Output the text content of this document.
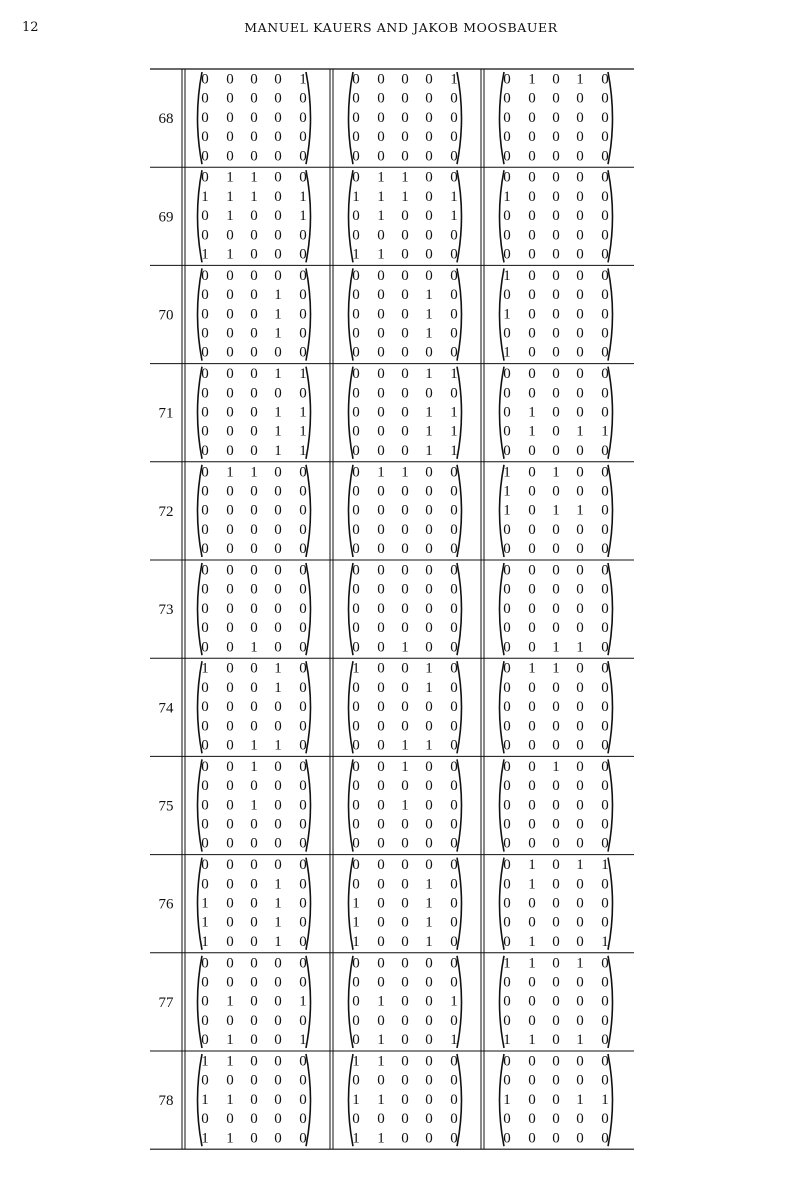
12	MANUEL KAUERS AND JAKOB MOOSBAUER
68
0 0 0 0 1
0 0 0 0 0
0 0 0 0 0
0 0 0 0 0
0 0 0 0 0
0 0 0 0 1
0 0 0 0 0
0 0 0 0 0
0 0 0 0 0
0 0 0 0 0
0 1 0 1 0
0 0 0 0 0
0 0 0 0 0
0 0 0 0 0
0 0 0 0 0
69
0 1 1 0 0
1 1 1 0 1
0 1 0 0 1
0 0 0 0 0
1 1 0 0 0
0 1 1 0 0
1 1 1 0 1
0 1 0 0 1
0 0 0 0 0
1 1 0 0 0
0 0 0 0 0
1 0 0 0 0
0 0 0 0 0
0 0 0 0 0
0 0 0 0 0
70
0 0 0 0 0
0 0 0 1 0
0 0 0 1 0
0 0 0 1 0
0 0 0 0 0
0 0 0 0 0
0 0 0 1 0
0 0 0 1 0
0 0 0 1 0
0 0 0 0 0
1 0 0 0 0
0 0 0 0 0
1 0 0 0 0
0 0 0 0 0
1 0 0 0 0
71
0 0 0 1 1
0 0 0 0 0
0 0 0 1 1
0 0 0 1 1
0 0 0 1 1
0 0 0 1 1
0 0 0 0 0
0 0 0 1 1
0 0 0 1 1
0 0 0 1 1
0 0 0 0 0
0 0 0 0 0
0 1 0 0 0
0 1 0 1 1
0 0 0 0 0
72
0 1 1 0 0
0 0 0 0 0
0 0 0 0 0
0 0 0 0 0
0 0 0 0 0
0 1 1 0 0
0 0 0 0 0
0 0 0 0 0
0 0 0 0 0
0 0 0 0 0
1 0 1 0 0
1 0 0 0 0
1 0 1 1 0
0 0 0 0 0
0 0 0 0 0
73
0 0 0 0 0
0 0 0 0 0
0 0 0 0 0
0 0 0 0 0
0 0 1 0 0
0 0 0 0 0
0 0 0 0 0
0 0 0 0 0
0 0 0 0 0
0 0 1 0 0
0 0 0 0 0
0 0 0 0 0
0 0 0 0 0
0 0 0 0 0
0 0 1 1 0
74
1 0 0 1 0
0 0 0 1 0
0 0 0 0 0
0 0 0 0 0
0 0 1 1 0
1 0 0 1 0
0 0 0 1 0
0 0 0 0 0
0 0 0 0 0
0 0 1 1 0
0 1 1 0 0
0 0 0 0 0
0 0 0 0 0
0 0 0 0 0
0 0 0 0 0
75
0 0 1 0 0
0 0 0 0 0
0 0 1 0 0
0 0 0 0 0
0 0 0 0 0
0 0 1 0 0
0 0 0 0 0
0 0 1 0 0
0 0 0 0 0
0 0 0 0 0
0 0 1 0 0
0 0 0 0 0
0 0 0 0 0
0 0 0 0 0
0 0 0 0 0
76
0 0 0 0 0
0 0 0 1 0
1 0 0 1 0
1 0 0 1 0
1 0 0 1 0
0 0 0 0 0
0 0 0 1 0
1 0 0 1 0
1 0 0 1 0
1 0 0 1 0
0 1 0 1 1
0 1 0 0 0
0 0 0 0 0
0 0 0 0 0
0 1 0 0 1
77
0 0 0 0 0
0 0 0 0 0
0 1 0 0 1
0 0 0 0 0
0 1 0 0 1
0 0 0 0 0
0 0 0 0 0
0 1 0 0 1
0 0 0 0 0
0 1 0 0 1
1 1 0 1 0
0 0 0 0 0
0 0 0 0 0
0 0 0 0 0
1 1 0 1 0
78
1 1 0 0 0
0 0 0 0 0
1 1 0 0 0
0 0 0 0 0
1 1 0 0 0
1 1 0 0 0
0 0 0 0 0
1 1 0 0 0
0 0 0 0 0
1 1 0 0 0
0 0 0 0 0
0 0 0 0 0
1 0 0 1 1
0 0 0 0 0
0 0 0 0 0
